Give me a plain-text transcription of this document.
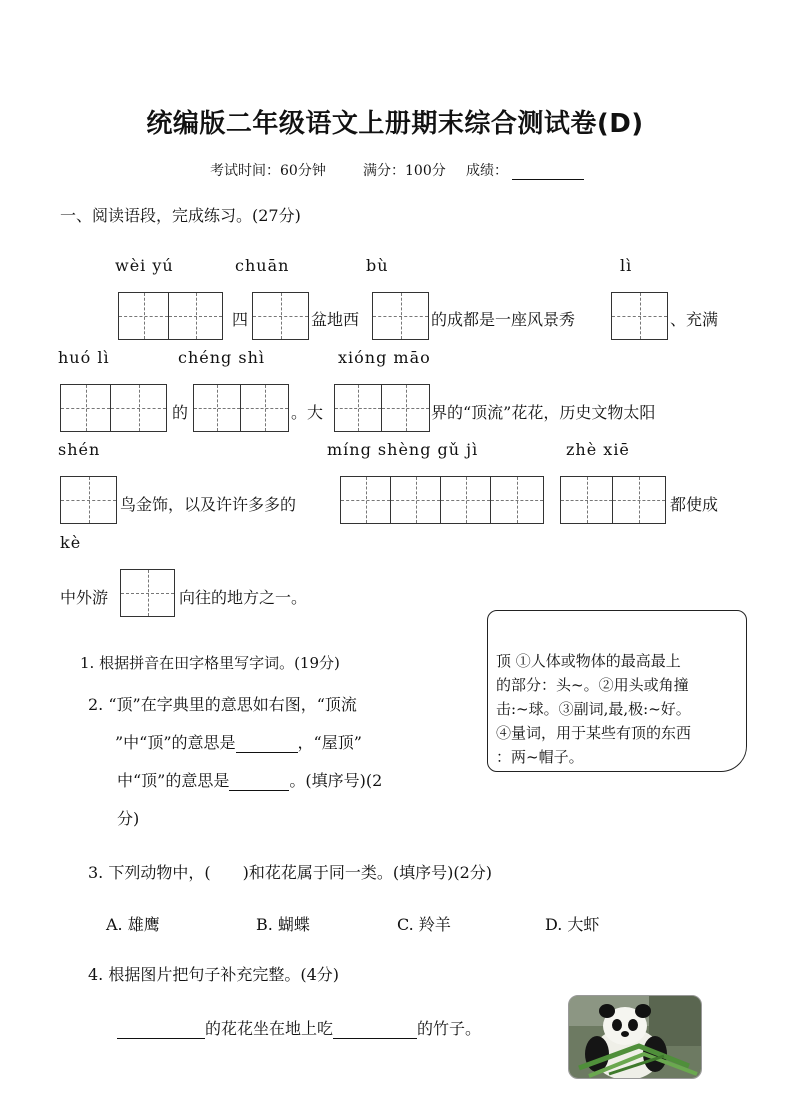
统编版二年级语文上册期末综合测试卷(D)
考试时间：60分钟	满分：100分 成绩：
一、阅读语段，完成练习。(27分)
wèi yú	chuān	bù	lì
四	盆地西	的成都是一座风景秀	、充满
huó lì	chéng shì	xióng māo
的	。大	界的“顶流”花花，历史文物太阳
shén	míng shèng gǔ jì	zhè xiē
鸟金饰，以及许许多多的	都使成
kè
中外游	向往的地方之一。
1. 根据拼音在田字格里写字词。(19分)
2. “顶”在字典里的意思如右图，“顶流
”中“顶”的意思是	，“屋顶”
中“顶”的意思是	。(填序号)(2
分)
顶 ①人体或物体的最高最上
的部分：头~。②用头或角撞
击:~球。③副词,最,极:~好。
④量词，用于某些有顶的东西
：两~帽子。
3. 下列动物中，(　　)和花花属于同一类。(填序号)(2分)
A. 雄鹰	B. 蝴蝶	C. 羚羊	D. 大虾
4. 根据图片把句子补充完整。(4分)
的花花坐在地上吃	的竹子。
